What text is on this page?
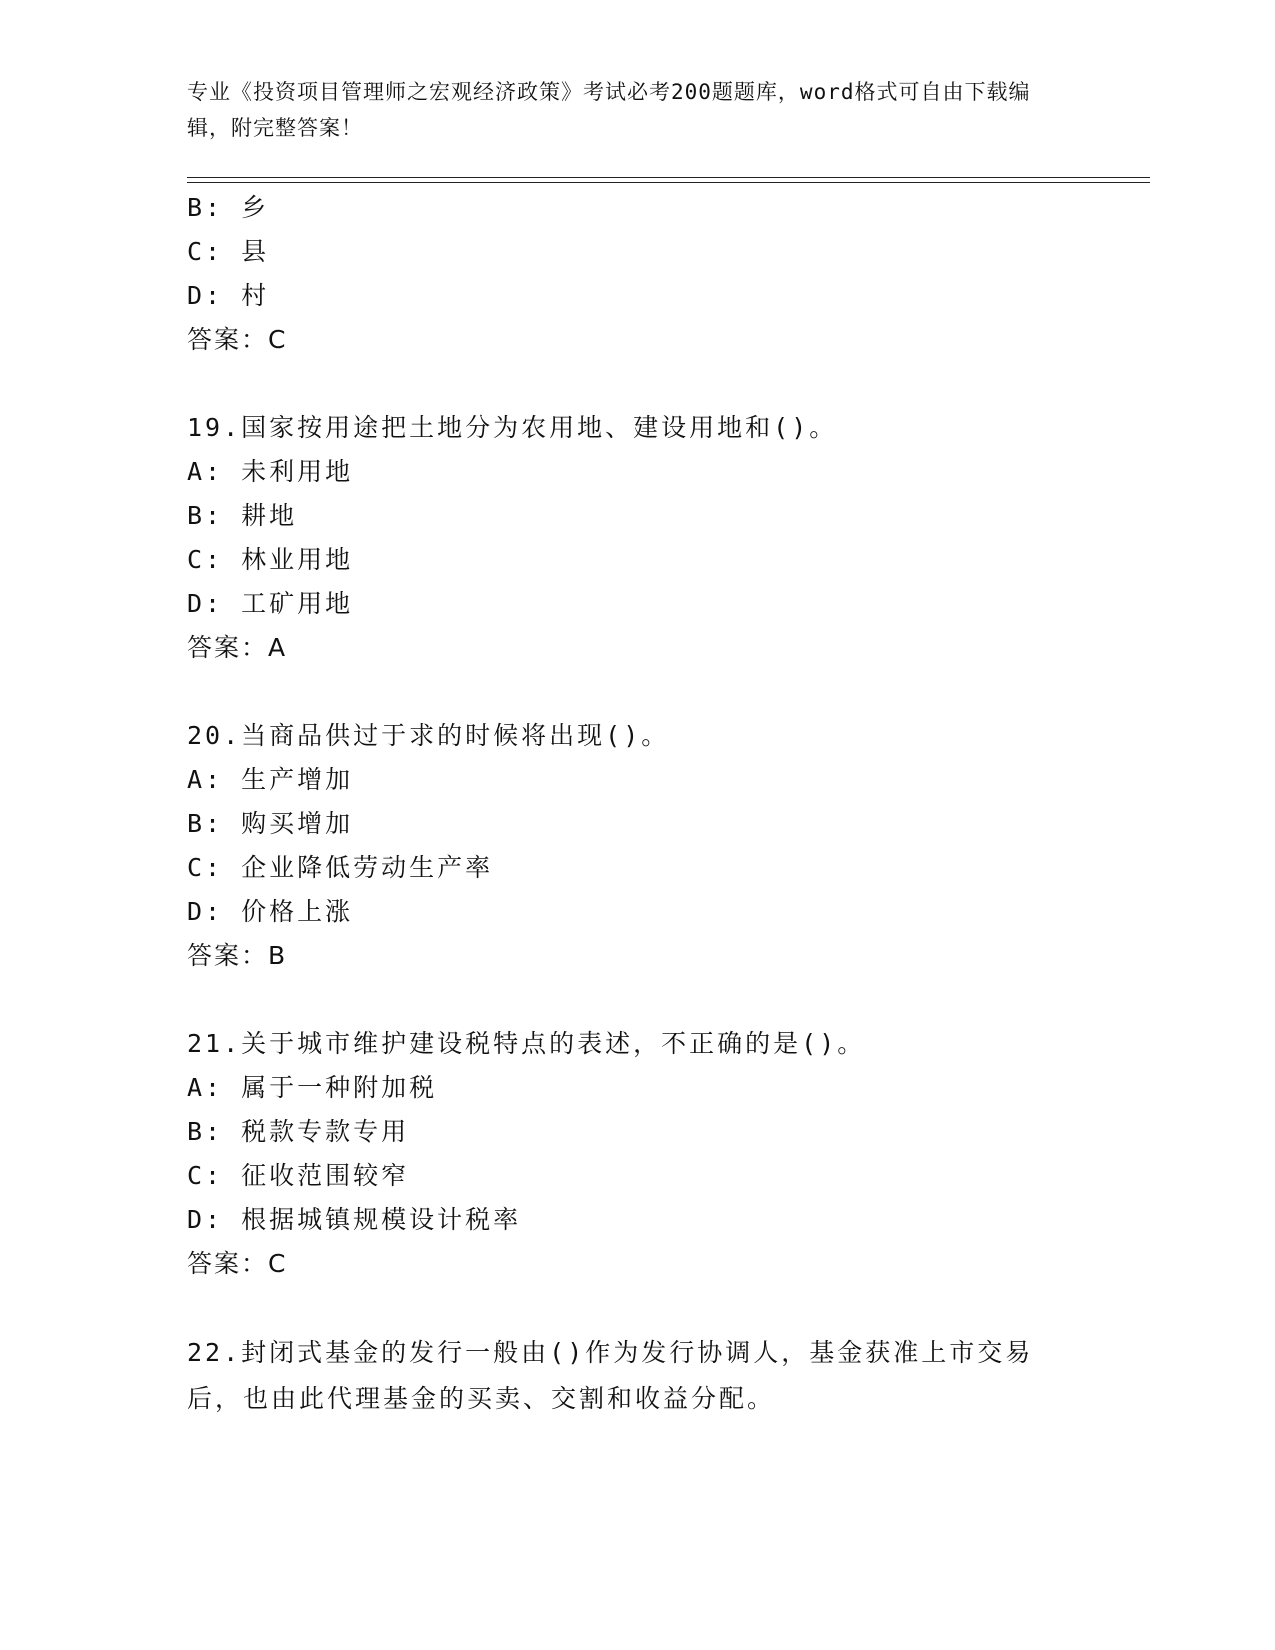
专业《投资项目管理师之宏观经济政策》考试必考200题题库，word格式可自由下载编辑，附完整答案！
B: 乡
C: 县
D: 村
答案：C
19.国家按用途把土地分为农用地、建设用地和()。
A: 未利用地
B: 耕地
C: 林业用地
D: 工矿用地
答案：A
20.当商品供过于求的时候将出现()。
A: 生产增加
B: 购买增加
C: 企业降低劳动生产率
D: 价格上涨
答案：B
21.关于城市维护建设税特点的表述，不正确的是()。
A: 属于一种附加税
B: 税款专款专用
C: 征收范围较窄
D: 根据城镇规模设计税率
答案：C
22.封闭式基金的发行一般由()作为发行协调人，基金获准上市交易后，也由此代理基金的买卖、交割和收益分配。
